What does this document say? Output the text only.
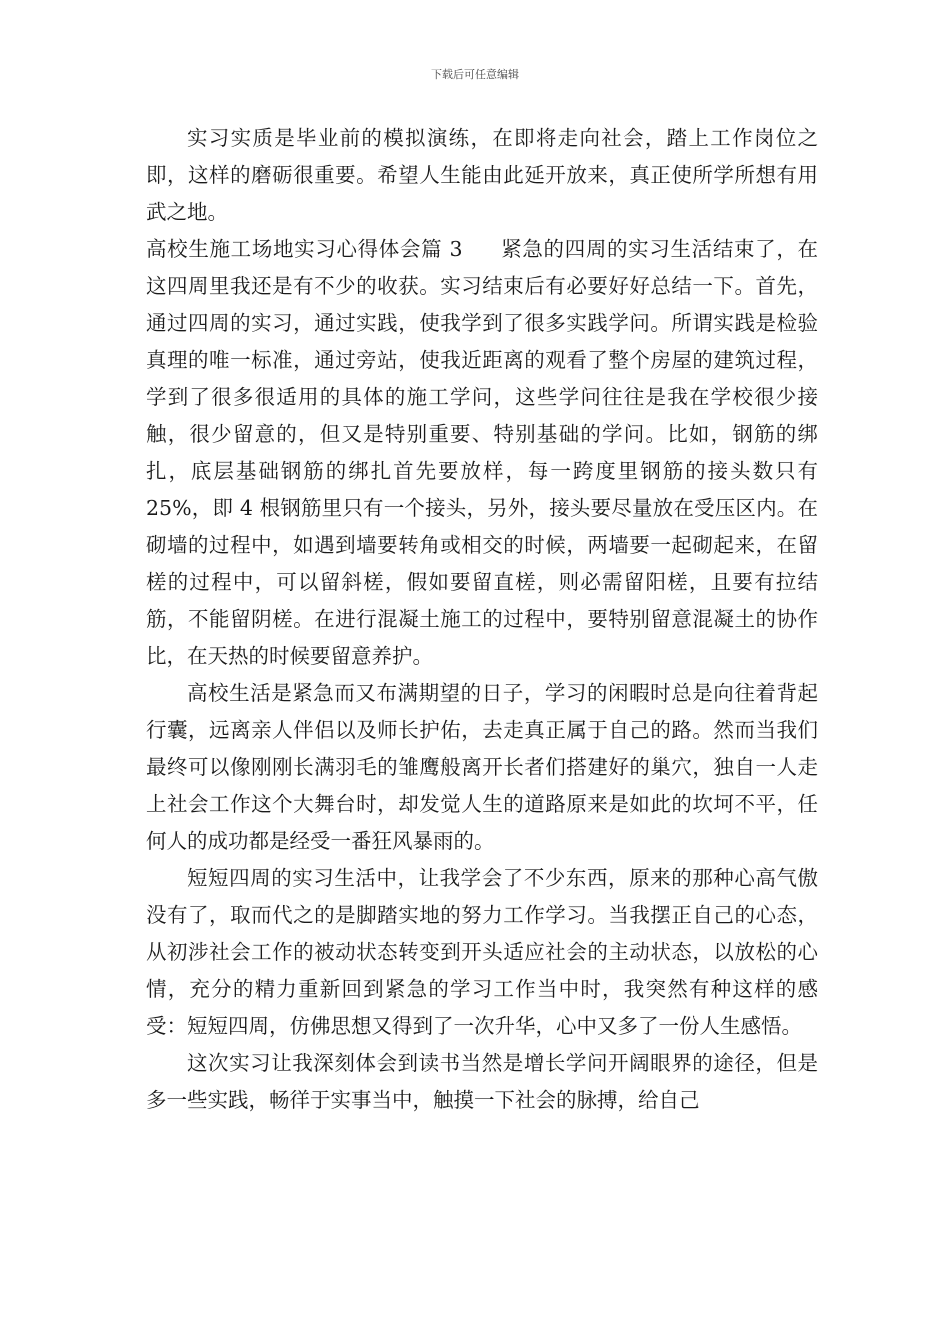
下载后可任意编辑

实习实质是毕业前的模拟演练，在即将走向社会，踏上工作岗位之即，这样的磨砺很重要。希望人生能由此延开放来，真正使所学所想有用武之地。

高校生施工场地实习心得体会篇 3 紧急的四周的实习生活结束了，在这四周里我还是有不少的收获。实习结束后有必要好好总结一下。首先，通过四周的实习，通过实践，使我学到了很多实践学问。所谓实践是检验真理的唯一标准，通过旁站，使我近距离的观看了整个房屋的建筑过程，学到了很多很适用的具体的施工学问，这些学问往往是我在学校很少接触，很少留意的，但又是特别重要、特别基础的学问。比如，钢筋的绑扎，底层基础钢筋的绑扎首先要放样，每一跨度里钢筋的接头数只有 25%，即 4 根钢筋里只有一个接头，另外，接头要尽量放在受压区内。在砌墙的过程中，如遇到墙要转角或相交的时候，两墙要一起砌起来，在留槎的过程中，可以留斜槎，假如要留直槎，则必需留阳槎，且要有拉结筋，不能留阴槎。在进行混凝土施工的过程中，要特别留意混凝土的协作比，在天热的时候要留意养护。

高校生活是紧急而又布满期望的日子，学习的闲暇时总是向往着背起行囊，远离亲人伴侣以及师长护佑，去走真正属于自己的路。然而当我们最终可以像刚刚长满羽毛的雏鹰般离开长者们搭建好的巢穴，独自一人走上社会工作这个大舞台时，却发觉人生的道路原来是如此的坎坷不平，任何人的成功都是经受一番狂风暴雨的。

短短四周的实习生活中，让我学会了不少东西，原来的那种心高气傲没有了，取而代之的是脚踏实地的努力工作学习。当我摆正自己的心态，从初涉社会工作的被动状态转变到开头适应社会的主动状态，以放松的心情，充分的精力重新回到紧急的学习工作当中时，我突然有种这样的感受：短短四周，仿佛思想又得到了一次升华，心中又多了一份人生感悟。

这次实习让我深刻体会到读书当然是增长学问开阔眼界的途径，但是多一些实践，畅徉于实事当中，触摸一下社会的脉搏，给自己
